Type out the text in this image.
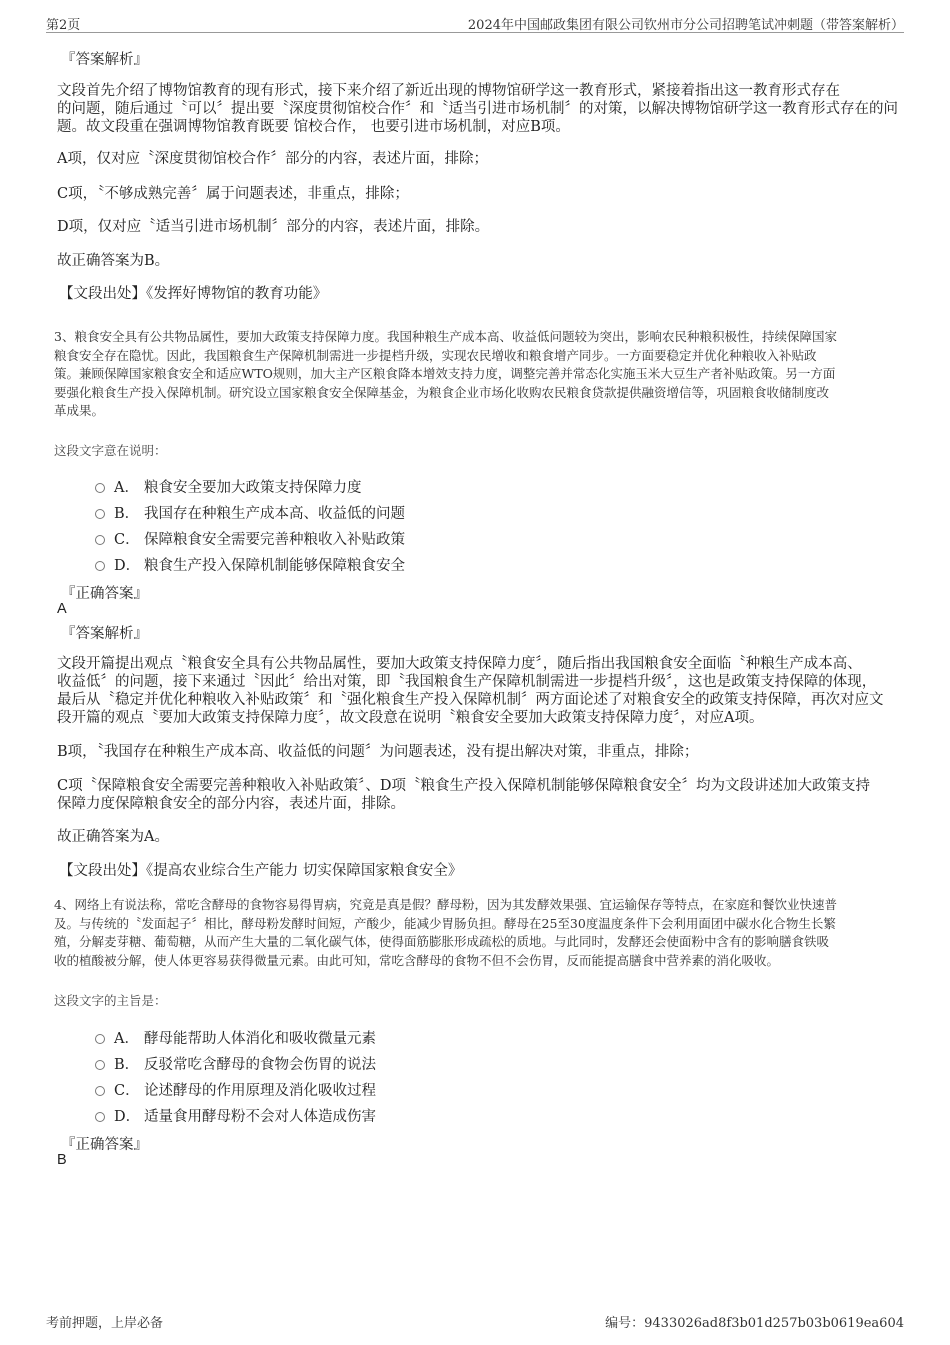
第2页	2024年中国邮政集团有限公司钦州市分公司招聘笔试冲刺题（带答案解析）
『答案解析』

文段首先介绍了博物馆教育的现有形式，接下来介绍了新近出现的博物馆研学这一教育形式，紧接着指出这一教育形式存在

的问题，随后通过〝可以〞提出要〝深度贯彻馆校合作〞和〝适当引进市场机制〞的对策，以解决博物馆研学这一教育形式存在的问

题。故文段重在强调博物馆教育既要 馆校合作， 也要引进市场机制，对应B项。

A项，仅对应〝深度贯彻馆校合作〞部分的内容，表述片面，排除；

C项，〝不够成熟完善〞属于问题表述，非重点，排除；

D项，仅对应〝适当引进市场机制〞部分的内容，表述片面，排除。

故正确答案为B。

【文段出处】《发挥好博物馆的教育功能》

3、粮食安全具有公共物品属性，要加大政策支持保障力度。我国种粮生产成本高、收益低问题较为突出，影响农民种粮积极性，持续保障国家

粮食安全存在隐忧。因此，我国粮食生产保障机制需进一步提档升级，实现农民增收和粮食增产同步。一方面要稳定并优化种粮收入补贴政

策。兼顾保障国家粮食安全和适应WTO规则，加大主产区粮食降本增效支持力度，调整完善并常态化实施玉米大豆生产者补贴政策。另一方面

要强化粮食生产投入保障机制。研究设立国家粮食安全保障基金，为粮食企业市场化收购农民粮食贷款提供融资增信等，巩固粮食收储制度改

革成果。

这段文字意在说明：
A． 粮食安全要加大政策支持保障力度
B． 我国存在种粮生产成本高、收益低的问题
C． 保障粮食安全需要完善种粮收入补贴政策
D． 粮食生产投入保障机制能够保障粮食安全
『正确答案』
A
『答案解析』

文段开篇提出观点〝粮食安全具有公共物品属性，要加大政策支持保障力度〞，随后指出我国粮食安全面临〝种粮生产成本高、

收益低〞的问题，接下来通过〝因此〞给出对策，即〝我国粮食生产保障机制需进一步提档升级〞，这也是政策支持保障的体现，

最后从〝稳定并优化种粮收入补贴政策〞和〝强化粮食生产投入保障机制〞两方面论述了对粮食安全的政策支持保障，再次对应文

段开篇的观点〝要加大政策支持保障力度〞，故文段意在说明〝粮食安全要加大政策支持保障力度〞，对应A项。

B项，〝我国存在种粮生产成本高、收益低的问题〞为问题表述，没有提出解决对策，非重点，排除；

C项〝保障粮食安全需要完善种粮收入补贴政策〞、D项〝粮食生产投入保障机制能够保障粮食安全〞均为文段讲述加大政策支持

保障力度保障粮食安全的部分内容，表述片面，排除。

故正确答案为A。

【文段出处】《提高农业综合生产能力 切实保障国家粮食安全》

4、网络上有说法称，常吃含酵母的食物容易得胃病，究竟是真是假？酵母粉，因为其发酵效果强、宜运输保存等特点，在家庭和餐饮业快速普

及。与传统的〝发面起子〞相比，酵母粉发酵时间短，产酸少，能减少胃肠负担。酵母在25至30度温度条件下会利用面团中碳水化合物生长繁

殖，分解麦芽糖、葡萄糖，从而产生大量的二氧化碳气体，使得面筋膨胀形成疏松的质地。与此同时，发酵还会使面粉中含有的影响膳食铁吸

收的植酸被分解，使人体更容易获得微量元素。由此可知，常吃含酵母的食物不但不会伤胃，反而能提高膳食中营养素的消化吸收。

这段文字的主旨是：
A． 酵母能帮助人体消化和吸收微量元素
B． 反驳常吃含酵母的食物会伤胃的说法
C． 论述酵母的作用原理及消化吸收过程
D． 适量食用酵母粉不会对人体造成伤害
『正确答案』
B
考前押题，上岸必备	编号：9433026ad8f3b01d257b03b0619ea604
